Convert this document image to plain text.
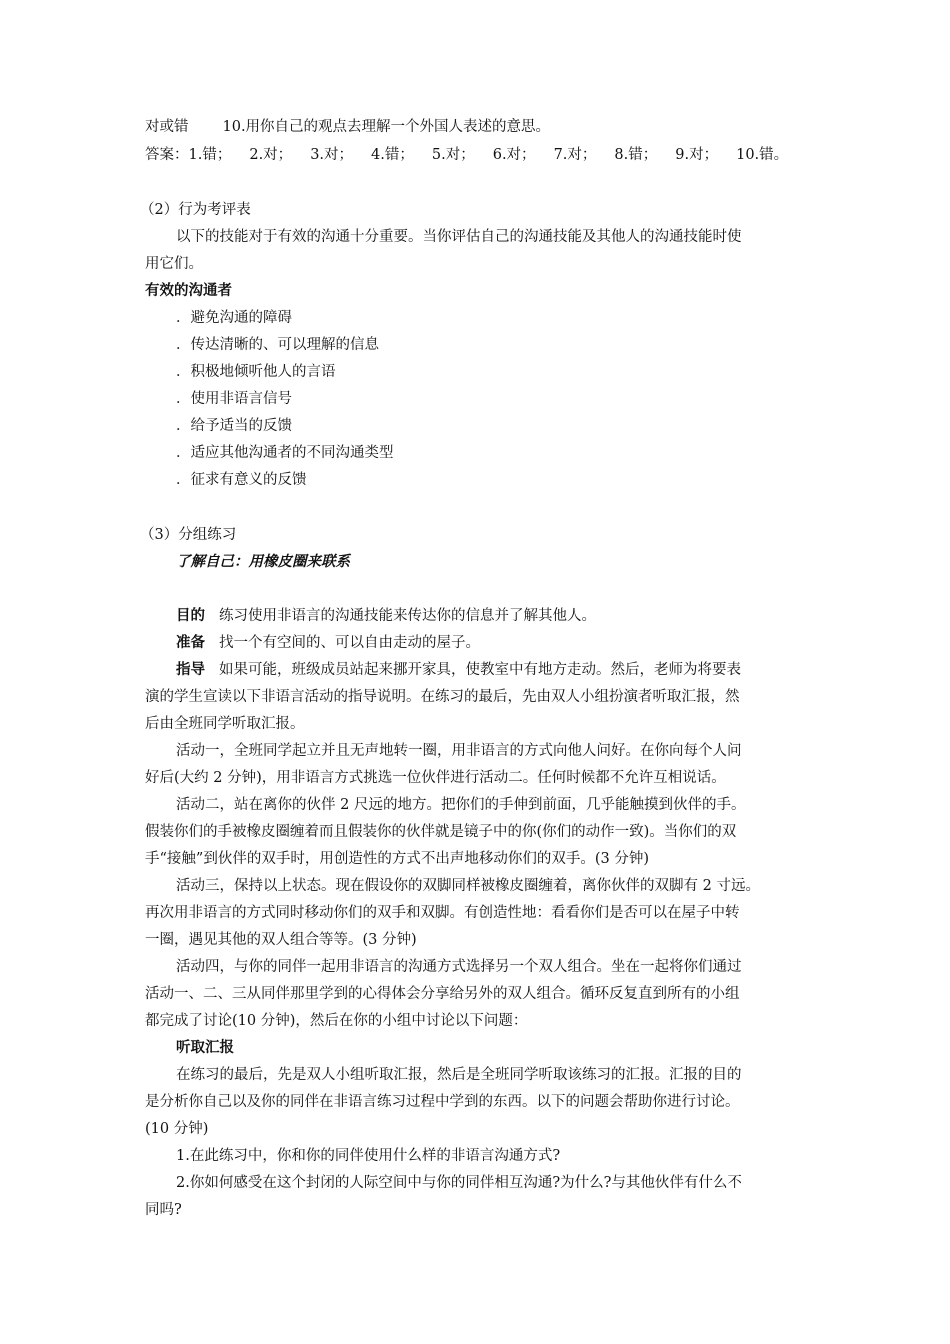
对或错 10.用你自己的观点去理解一个外国人表述的意思。
答案：1.错； 2.对； 3.对； 4.错； 5.对； 6.对； 7.对； 8.错； 9.对； 10.错。
（2）行为考评表
以下的技能对于有效的沟通十分重要。当你评估自己的沟通技能及其他人的沟通技能时使
用它们。
有效的沟通者
．避免沟通的障碍
．传达清晰的、可以理解的信息
．积极地倾听他人的言语
．使用非语言信号
．给予适当的反馈
．适应其他沟通者的不同沟通类型
．征求有意义的反馈
（3）分组练习
了解自己：用橡皮圈来联系
目的 练习使用非语言的沟通技能来传达你的信息并了解其他人。
准备 找一个有空间的、可以自由走动的屋子。
指导 如果可能，班级成员站起来挪开家具，使教室中有地方走动。然后，老师为将要表
演的学生宣读以下非语言活动的指导说明。在练习的最后，先由双人小组扮演者听取汇报，然
后由全班同学听取汇报。
活动一，全班同学起立并且无声地转一圈，用非语言的方式向他人问好。在你向每个人问
好后(大约 2 分钟)，用非语言方式挑选一位伙伴进行活动二。任何时候都不允许互相说话。
活动二，站在离你的伙伴 2 尺远的地方。把你们的手伸到前面，几乎能触摸到伙伴的手。
假装你们的手被橡皮圈缠着而且假装你的伙伴就是镜子中的你(你们的动作一致)。当你们的双
手“接触”到伙伴的双手时，用创造性的方式不出声地移动你们的双手。(3 分钟)
活动三，保持以上状态。现在假设你的双脚同样被橡皮圈缠着，离你伙伴的双脚有 2 寸远。
再次用非语言的方式同时移动你们的双手和双脚。有创造性地：看看你们是否可以在屋子中转
一圈，遇见其他的双人组合等等。(3 分钟)
活动四，与你的同伴一起用非语言的沟通方式选择另一个双人组合。坐在一起将你们通过
活动一、二、三从同伴那里学到的心得体会分享给另外的双人组合。循环反复直到所有的小组
都完成了讨论(10 分钟)，然后在你的小组中讨论以下问题：
听取汇报
在练习的最后，先是双人小组听取汇报，然后是全班同学听取该练习的汇报。汇报的目的
是分析你自己以及你的同伴在非语言练习过程中学到的东西。以下的问题会帮助你进行讨论。
(10 分钟)
1.在此练习中，你和你的同伴使用什么样的非语言沟通方式?
2.你如何感受在这个封闭的人际空间中与你的同伴相互沟通?为什么?与其他伙伴有什么不
同吗?
